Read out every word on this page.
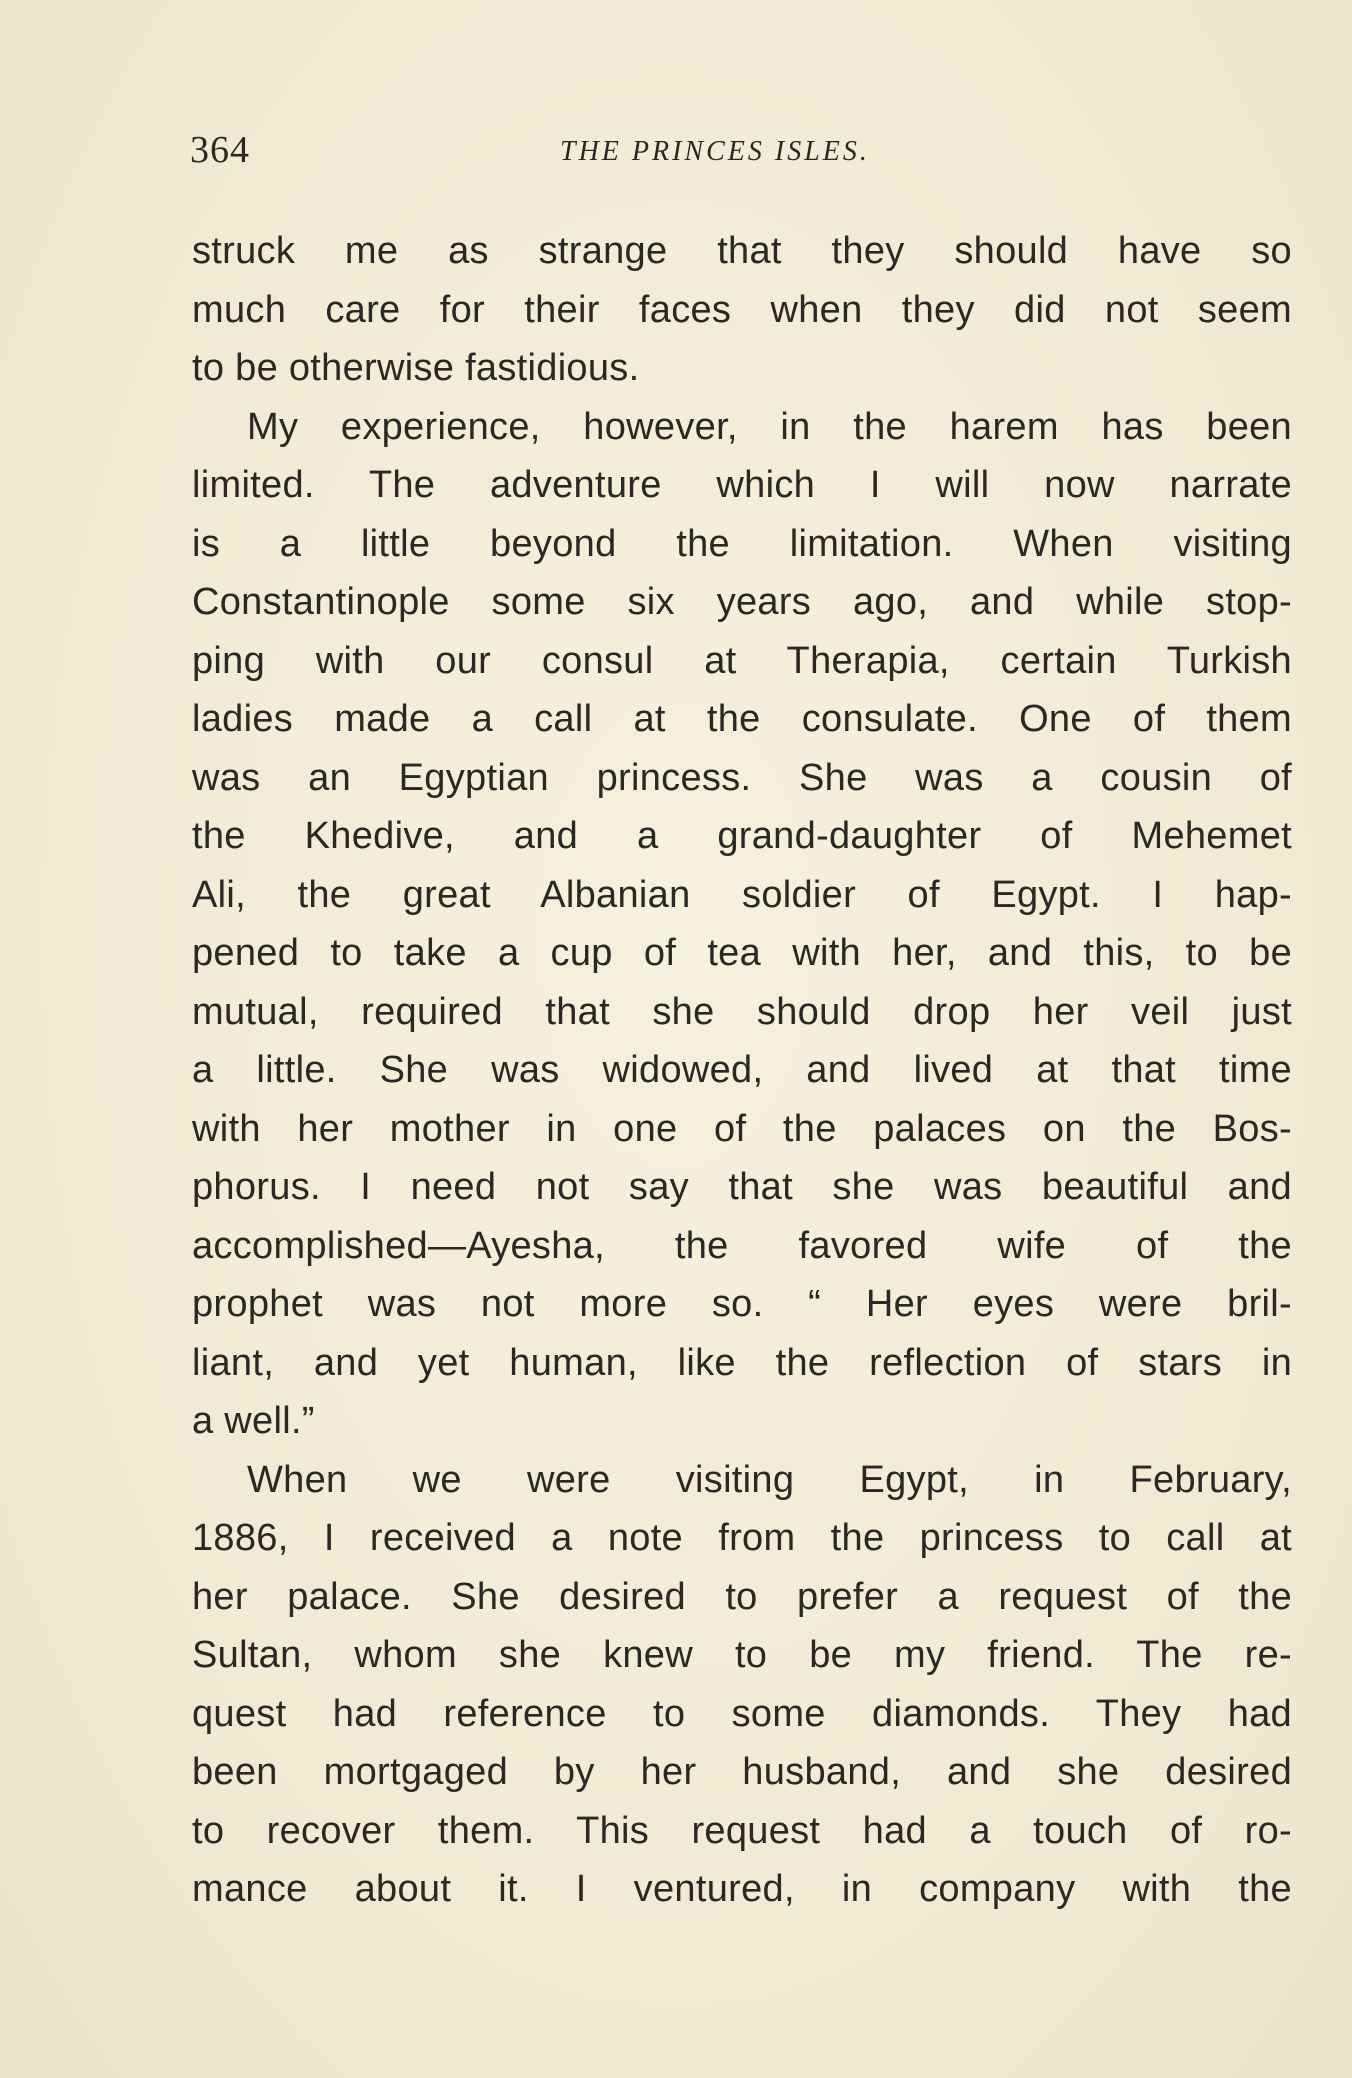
364	THE PRINCES ISLES.
struck me as strange that they should have so
much care for their faces when they did not seem
to be otherwise fastidious.
My experience, however, in the harem has been
limited. The adventure which I will now narrate
is a little beyond the limitation. When visiting
Constantinople some six years ago, and while stop-
ping with our consul at Therapia, certain Turkish
ladies made a call at the consulate. One of them
was an Egyptian princess. She was a cousin of
the Khedive, and a grand-daughter of Mehemet
Ali, the great Albanian soldier of Egypt. I hap-
pened to take a cup of tea with her, and this, to be
mutual, required that she should drop her veil just
a little. She was widowed, and lived at that time
with her mother in one of the palaces on the Bos-
phorus. I need not say that she was beautiful and
accomplished—Ayesha, the favored wife of the
prophet was not more so. “ Her eyes were bril-
liant, and yet human, like the reflection of stars in
a well.”
When we were visiting Egypt, in February,
1886, I received a note from the princess to call at
her palace. She desired to prefer a request of the
Sultan, whom she knew to be my friend. The re-
quest had reference to some diamonds. They had
been mortgaged by her husband, and she desired
to recover them. This request had a touch of ro-
mance about it. I ventured, in company with the
